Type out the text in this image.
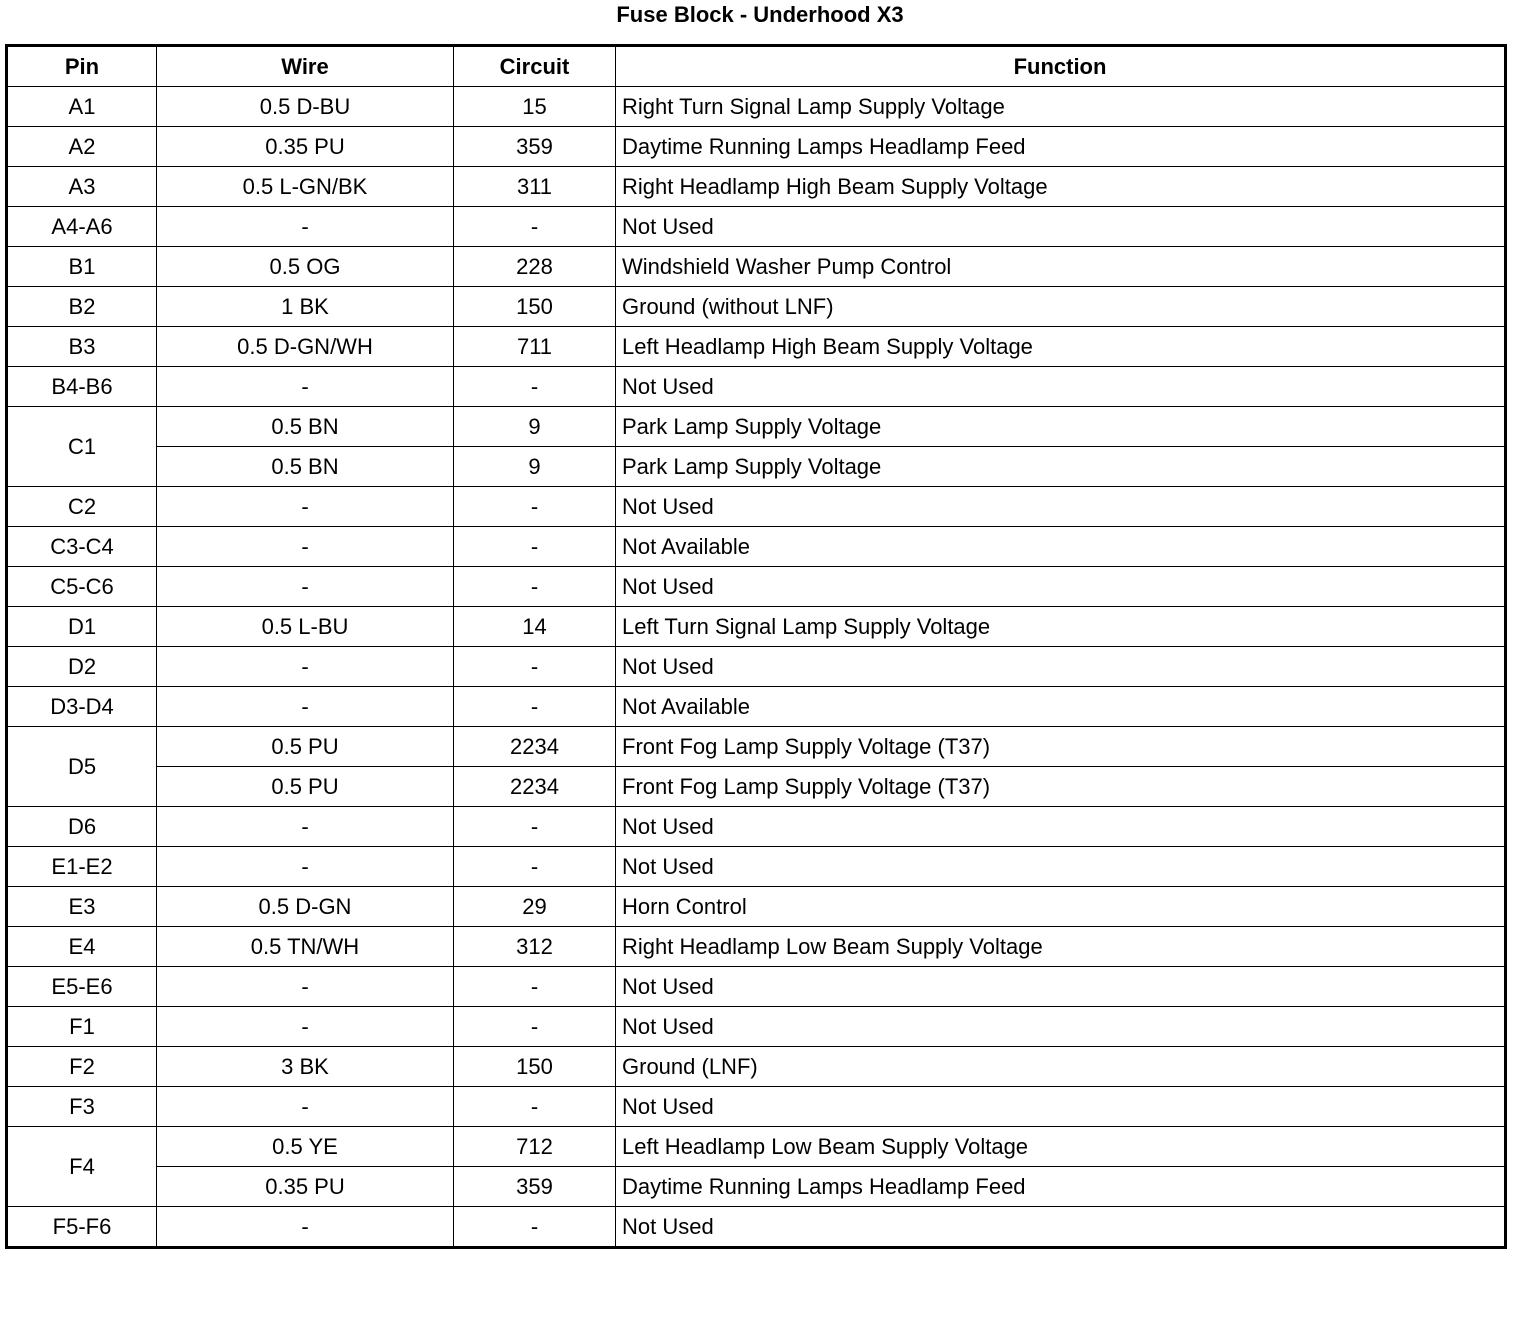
Fuse Block - Underhood X3
Pin	Wire	Circuit	Function
A1	0.5 D-BU	15	Right Turn Signal Lamp Supply Voltage
A2	0.35 PU	359	Daytime Running Lamps Headlamp Feed
A3	0.5 L-GN/BK	311	Right Headlamp High Beam Supply Voltage
A4-A6	-	-	Not Used
B1	0.5 OG	228	Windshield Washer Pump Control
B2	1 BK	150	Ground (without LNF)
B3	0.5 D-GN/WH	711	Left Headlamp High Beam Supply Voltage
B4-B6	-	-	Not Used
C1	0.5 BN	9	Park Lamp Supply Voltage
	0.5 BN	9	Park Lamp Supply Voltage
C2	-	-	Not Used
C3-C4	-	-	Not Available
C5-C6	-	-	Not Used
D1	0.5 L-BU	14	Left Turn Signal Lamp Supply Voltage
D2	-	-	Not Used
D3-D4	-	-	Not Available
D5	0.5 PU	2234	Front Fog Lamp Supply Voltage (T37)
	0.5 PU	2234	Front Fog Lamp Supply Voltage (T37)
D6	-	-	Not Used
E1-E2	-	-	Not Used
E3	0.5 D-GN	29	Horn Control
E4	0.5 TN/WH	312	Right Headlamp Low Beam Supply Voltage
E5-E6	-	-	Not Used
F1	-	-	Not Used
F2	3 BK	150	Ground (LNF)
F3	-	-	Not Used
F4	0.5 YE	712	Left Headlamp Low Beam Supply Voltage
	0.35 PU	359	Daytime Running Lamps Headlamp Feed
F5-F6	-	-	Not Used
